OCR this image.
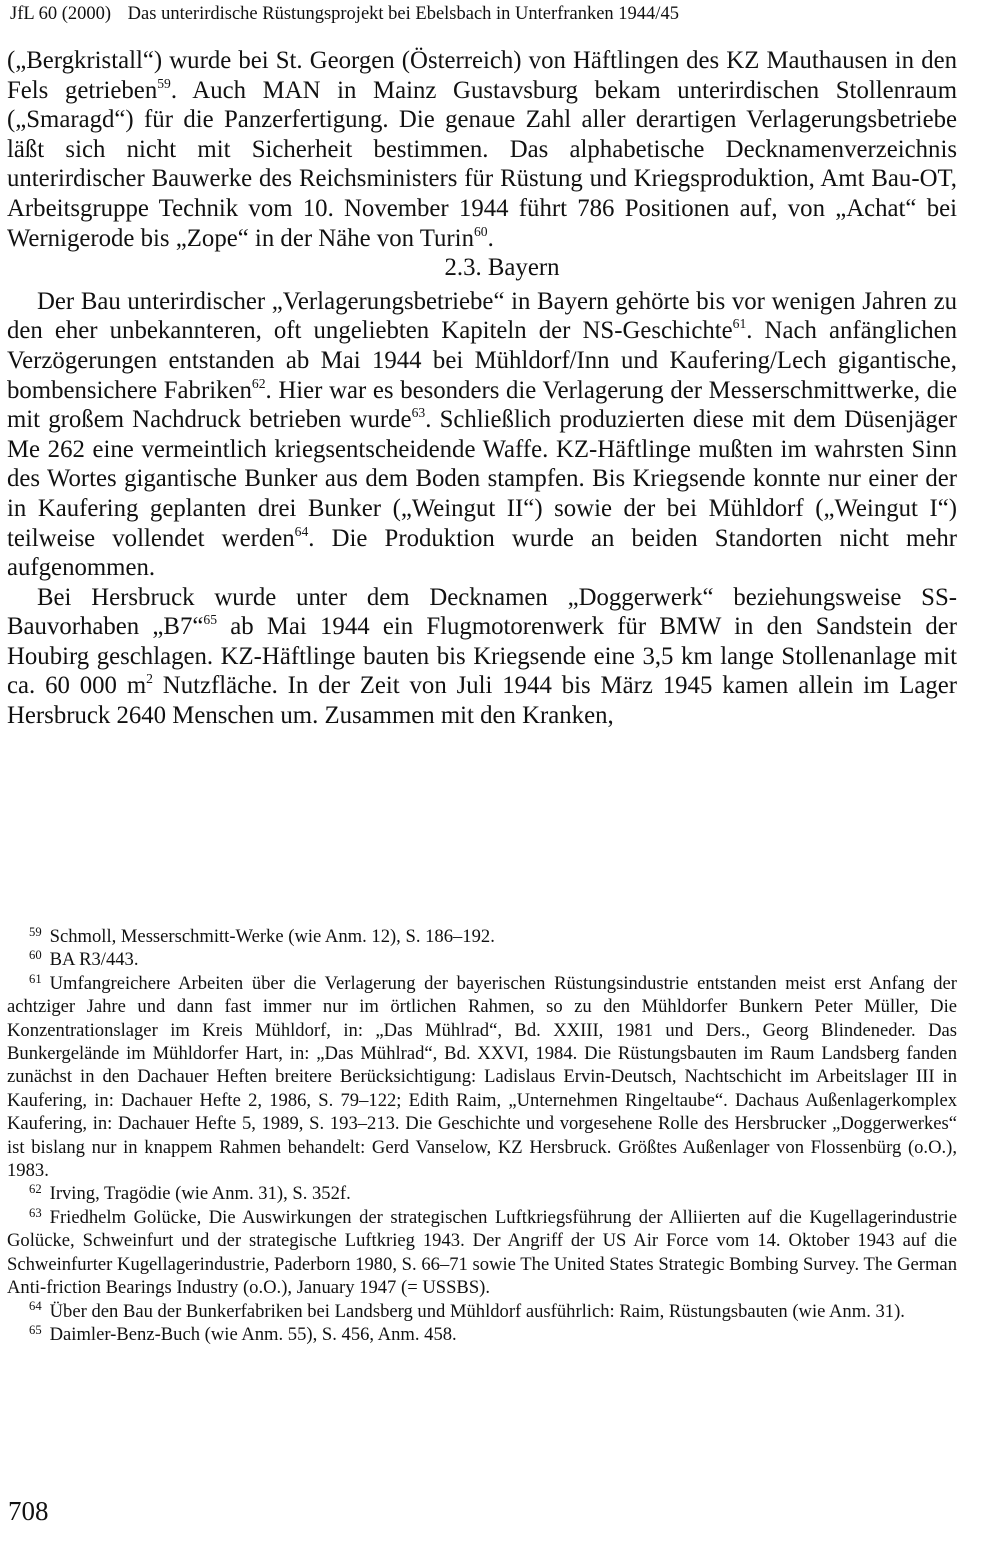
JfL 60 (2000) Das unterirdische Rüstungsprojekt bei Ebelsbach in Unterfranken 1944/45

(„Bergkristall“) wurde bei St. Georgen (Österreich) von Häftlingen des KZ Mauthausen in den Fels getrieben$^{59}$. Auch MAN in Mainz Gustavsburg bekam unterirdischen Stollenraum („Smaragd“) für die Panzerfertigung. Die genaue Zahl aller derartigen Verlagerungsbetriebe läßt sich nicht mit Sicherheit bestimmen. Das alphabetische Decknamenverzeichnis unterirdischer Bauwerke des Reichsministers für Rüstung und Kriegsproduktion, Amt Bau-OT, Arbeitsgruppe Technik vom 10. November 1944 führt 786 Positionen auf, von „Achat“ bei Wernigerode bis „Zope“ in der Nähe von Turin$^{60}$.

2.3. Bayern

Der Bau unterirdischer „Verlagerungsbetriebe“ in Bayern gehörte bis vor wenigen Jahren zu den eher unbekannteren, oft ungeliebten Kapiteln der NS-Geschichte$^{61}$. Nach anfänglichen Verzögerungen entstanden ab Mai 1944 bei Mühldorf/Inn und Kaufering/Lech gigantische, bombensichere Fabriken$^{62}$. Hier war es besonders die Verlagerung der Messerschmittwerke, die mit großem Nachdruck betrieben wurde$^{63}$. Schließlich produzierten diese mit dem Düsenjäger Me 262 eine vermeintlich kriegsentscheidende Waffe. KZ-Häftlinge mußten im wahrsten Sinn des Wortes gigantische Bunker aus dem Boden stampfen. Bis Kriegsende konnte nur einer der in Kaufering geplanten drei Bunker („Weingut II“) sowie der bei Mühldorf („Weingut I“) teilweise vollendet werden$^{64}$. Die Produktion wurde an beiden Standorten nicht mehr aufgenommen.

Bei Hersbruck wurde unter dem Decknamen „Doggerwerk“ beziehungsweise SS-Bauvorhaben „B7“$^{65}$ ab Mai 1944 ein Flugmotorenwerk für BMW in den Sandstein der Houbirg geschlagen. KZ-Häftlinge bauten bis Kriegsende eine 3,5 km lange Stollenanlage mit ca. 60 000 $m^2$ Nutzfläche. In der Zeit von Juli 1944 bis März 1945 kamen allein im Lager Hersbruck 2640 Menschen um. Zusammen mit den Kranken,

$^{59}$ Schmoll, Messerschmitt-Werke (wie Anm. 12), S. 186–192.

$^{60}$ BA R3/443.

$^{61}$ Umfangreichere Arbeiten über die Verlagerung der bayerischen Rüstungsindustrie entstanden meist erst Anfang der achtziger Jahre und dann fast immer nur im örtlichen Rahmen, so zu den Mühldorfer Bunkern Peter Müller, Die Konzentrationslager im Kreis Mühldorf, in: „Das Mühlrad“, Bd. XXIII, 1981 und Ders., Georg Blindeneder. Das Bunkergelände im Mühldorfer Hart, in: „Das Mühlrad“, Bd. XXVI, 1984. Die Rüstungsbauten im Raum Landsberg fanden zunächst in den Dachauer Heften breitere Berücksichtigung: Ladislaus Ervin-Deutsch, Nachtschicht im Arbeitslager III in Kaufering, in: Dachauer Hefte 2, 1986, S. 79–122; Edith Raim, „Unternehmen Ringeltaube“. Dachaus Außenlagerkomplex Kaufering, in: Dachauer Hefte 5, 1989, S. 193–213. Die Geschichte und vorgesehene Rolle des Hersbrucker „Doggerwerkes“ ist bislang nur in knappem Rahmen behandelt: Gerd Vanselow, KZ Hersbruck. Größtes Außenlager von Flossenbürg (o.O.), 1983.

$^{62}$ Irving, Tragödie (wie Anm. 31), S. 352f.

$^{63}$ Friedhelm Golücke, Die Auswirkungen der strategischen Luftkriegsführung der Alliierten auf die Kugellagerindustrie Golücke, Schweinfurt und der strategische Luftkrieg 1943. Der Angriff der US Air Force vom 14. Oktober 1943 auf die Schweinfurter Kugellagerindustrie, Paderborn 1980, S. 66–71 sowie The United States Strategic Bombing Survey. The German Anti-friction Bearings Industry (o.O.), January 1947 (= USSBS).

$^{64}$ Über den Bau der Bunkerfabriken bei Landsberg und Mühldorf ausführlich: Raim, Rüstungsbauten (wie Anm. 31).

$^{65}$ Daimler-Benz-Buch (wie Anm. 55), S. 456, Anm. 458.

708
